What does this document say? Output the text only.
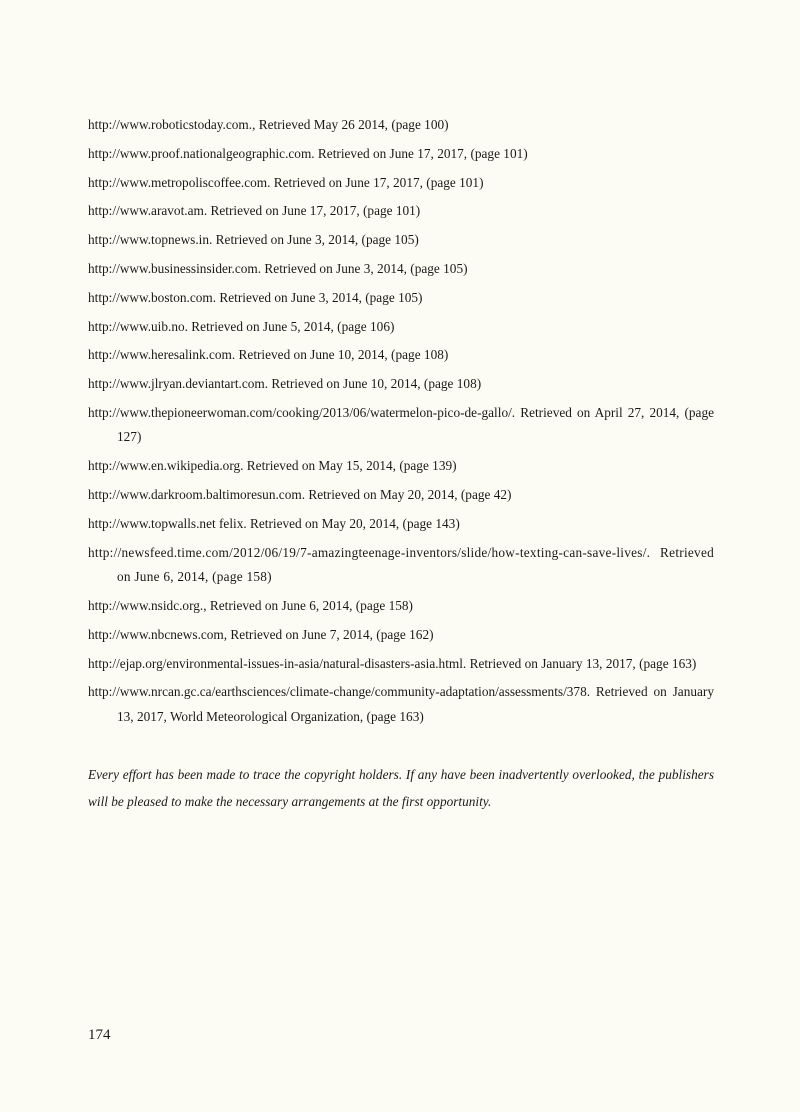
http://www.roboticstoday.com., Retrieved May 26 2014, (page 100)
http://www.proof.nationalgeographic.com. Retrieved on June 17, 2017, (page 101)
http://www.metropoliscoffee.com. Retrieved on June 17, 2017, (page 101)
http://www.aravot.am. Retrieved on June 17, 2017, (page 101)
http://www.topnews.in. Retrieved on June 3, 2014, (page 105)
http://www.businessinsider.com. Retrieved on June 3, 2014, (page 105)
http://www.boston.com. Retrieved on June 3, 2014, (page 105)
http://www.uib.no. Retrieved on June 5, 2014, (page 106)
http://www.heresalink.com. Retrieved on June 10, 2014, (page 108)
http://www.jlryan.deviantart.com. Retrieved on June 10, 2014, (page 108)
http://www.thepioneerwoman.com/cooking/2013/06/watermelon-pico-de-gallo/. Retrieved on April 27, 2014, (page 127)
http://www.en.wikipedia.org. Retrieved on May 15, 2014, (page 139)
http://www.darkroom.baltimoresun.com. Retrieved on May 20, 2014, (page 42)
http://www.topwalls.net felix. Retrieved on May 20, 2014, (page 143)
http://newsfeed.time.com/2012/06/19/7-amazingteenage-inventors/slide/how-texting-can-save-lives/. Retrieved on June 6, 2014, (page 158)
http://www.nsidc.org., Retrieved on June 6, 2014, (page 158)
http://www.nbcnews.com, Retrieved on June 7, 2014, (page 162)
http://ejap.org/environmental-issues-in-asia/natural-disasters-asia.html. Retrieved on January 13, 2017, (page 163)
http://www.nrcan.gc.ca/earthsciences/climate-change/community-adaptation/assessments/378. Retrieved on January 13, 2017, World Meteorological Organization, (page 163)

Every effort has been made to trace the copyright holders. If any have been inadvertently overlooked, the publishers will be pleased to make the necessary arrangements at the first opportunity.

174
